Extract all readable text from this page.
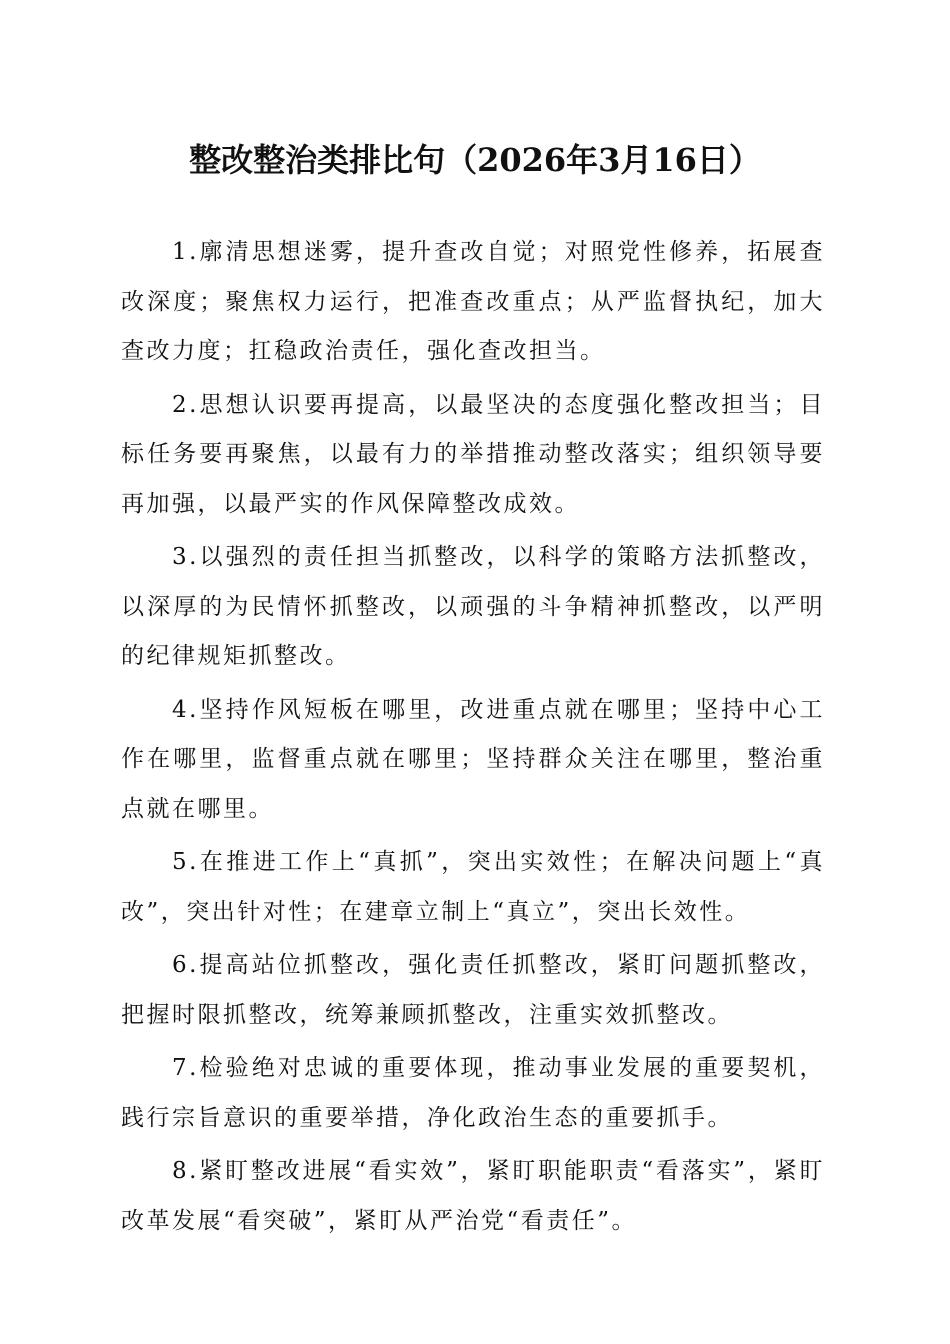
整改整治类排比句（2026年3月16日）

1.廓清思想迷雾，提升查改自觉；对照党性修养，拓展查改深度；聚焦权力运行，把准查改重点；从严监督执纪，加大查改力度；扛稳政治责任，强化查改担当。

2.思想认识要再提高，以最坚决的态度强化整改担当；目标任务要再聚焦，以最有力的举措推动整改落实；组织领导要再加强，以最严实的作风保障整改成效。

3.以强烈的责任担当抓整改，以科学的策略方法抓整改，以深厚的为民情怀抓整改，以顽强的斗争精神抓整改，以严明的纪律规矩抓整改。

4.坚持作风短板在哪里，改进重点就在哪里；坚持中心工作在哪里，监督重点就在哪里；坚持群众关注在哪里，整治重点就在哪里。

5.在推进工作上“真抓”，突出实效性；在解决问题上“真改”，突出针对性；在建章立制上“真立”，突出长效性。

6.提高站位抓整改，强化责任抓整改，紧盯问题抓整改，把握时限抓整改，统筹兼顾抓整改，注重实效抓整改。

7.检验绝对忠诚的重要体现，推动事业发展的重要契机，践行宗旨意识的重要举措，净化政治生态的重要抓手。

8.紧盯整改进展“看实效”，紧盯职能职责“看落实”，紧盯改革发展“看突破”，紧盯从严治党“看责任”。
